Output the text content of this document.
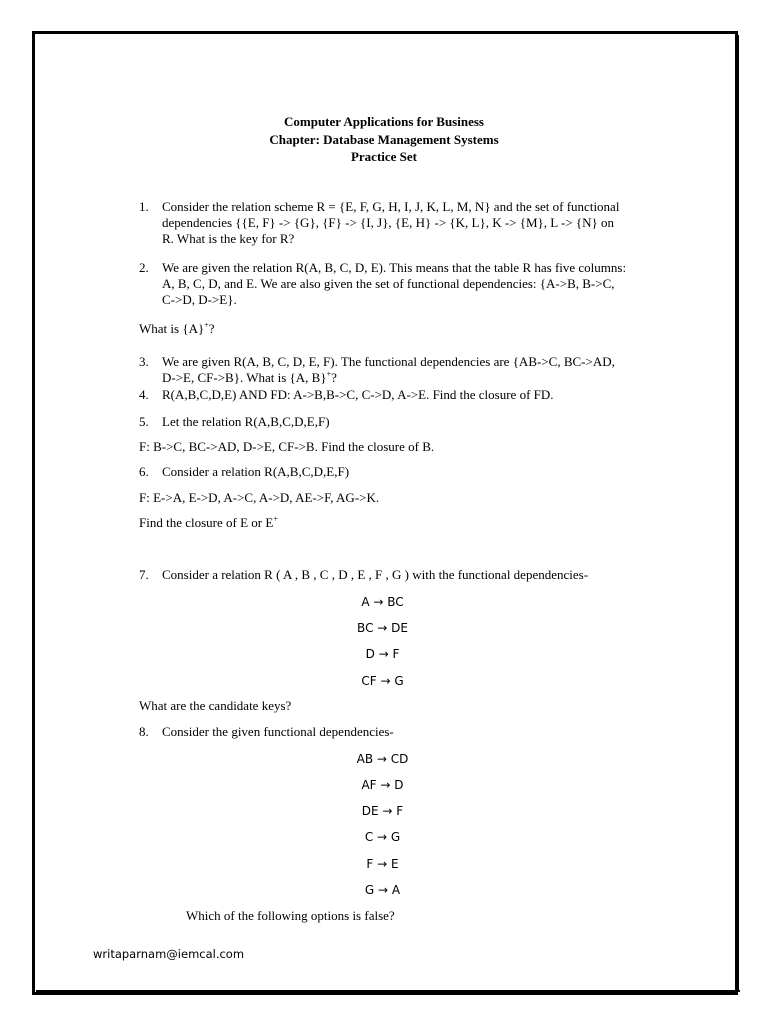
Computer Applications for Business
Chapter: Database Management Systems
Practice Set
1.	Consider the relation scheme R = {E, F, G, H, I, J, K, L, M, N} and the set of functional
dependencies {{E, F} -> {G}, {F} -> {I, J}, {E, H} -> {K, L}, K -> {M}, L -> {N} on
R. What is the key for R?
2.	We are given the relation R(A, B, C, D, E). This means that the table R has five columns:
A, B, C, D, and E. We are also given the set of functional dependencies: {A->B, B->C,
C->D, D->E}.
What is {A}+?
3.	We are given R(A, B, C, D, E, F). The functional dependencies are {AB->C, BC->AD,
D->E, CF->B}. What is {A, B}+?
4.	R(A,B,C,D,E) AND FD: A->B,B->C, C->D, A->E. Find the closure of FD.
5.	Let the relation R(A,B,C,D,E,F)
F: B->C, BC->AD, D->E, CF->B. Find the closure of B.
6.	Consider a relation R(A,B,C,D,E,F)
F: E->A, E->D, A->C, A->D, AE->F, AG->K.
Find the closure of E or E+
7.	Consider a relation R ( A , B , C , D , E , F , G ) with the functional dependencies-
A → BC
BC → DE
D → F
CF → G
What are the candidate keys?
8.	Consider the given functional dependencies-
AB → CD
AF → D
DE → F
C → G
F → E
G → A
Which of the following options is false?
writaparnam@iemcal.com
